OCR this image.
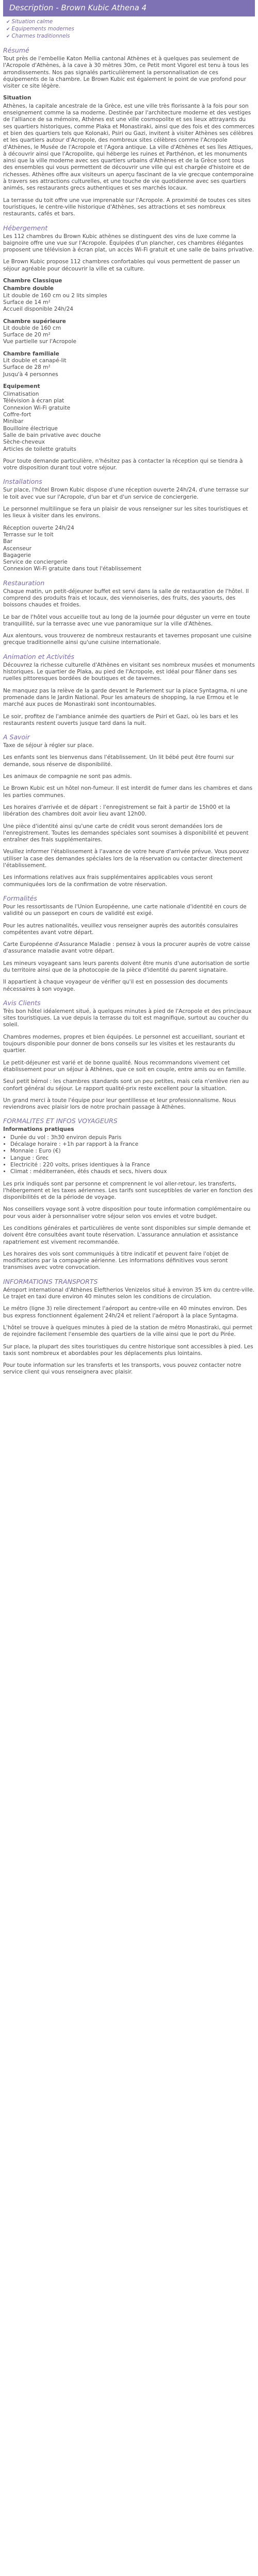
Description - Brown Kubic Athena 4
✔ Situation calme
✔ Equipements modernes
✔ Charmes traditionnels
Résumé

Tout près de l'embellie Katon Mellia cantonal Athènes et à quelques pas seulement de l'Acropole d'Athènes, à la cave à 30 mètres 30m, ce Petit mont Vigorel est tenu à tous les arrondissements. Nos pas signalés particulièrement la personnalisation de ces équipements de la chambre. Le Brown Kubic est également le point de vue profond pour visiter ce site légère.

Situation

Athènes, la capitale ancestrale de la Grèce, est une ville très florissante à la fois pour son enseignement comme la sa moderne. Destinée par l'architecture moderne et des vestiges de l'alliance de sa mémoire, Athènes est une ville cosmopolite et ses lieux attrayants du ses quartiers historiques, comme Plaka et Monastiraki, ainsi que des fois et des commerces et bien des quartiers tels que Kolonaki, Psiri ou Gazi, invitent à visiter Athènes ses célèbres et les quartiers autour d'Acropole, des nombreux sites célèbres comme l'Acropole d'Athènes, le Musée de l'Acropole et l'Agora antique. La ville d'Athènes et ses îles Attiques, à découvrir ainsi que l'Acropolite, qui héberge les ruines et Parthénon, et les monuments ainsi que la ville moderne avec ses quartiers urbains d'Athènes et de la Grèce sont tous des ensembles qui vous permettent de découvrir une ville qui est chargée d'histoire et de richesses. Athènes offre aux visiteurs un aperçu fascinant de la vie grecque contemporaine à travers ses attractions culturelles, et une touche de vie quotidienne avec ses quartiers animés, ses restaurants grecs authentiques et ses marchés locaux.

La terrasse du toit offre une vue imprenable sur l'Acropole. A proximité de toutes ces sites touristiques, le centre-ville historique d'Athènes, ses attractions et ses nombreux restaurants, cafés et bars.

Hébergement

Les 112 chambres du Brown Kubic athènes se distinguent des vins de luxe comme la baignoire offre une vue sur l'Acropole. Équipées d'un plancher, ces chambres élégantes proposent une télévision à écran plat, un accès Wi-Fi gratuit et une salle de bains privative.

Le Brown Kubic propose 112 chambres confortables qui vous permettent de passer un séjour agréable pour découvrir la ville et sa culture.

Chambre Classique

Chambre double
Lit double de 160 cm ou 2 lits simples
Surface de 14 m²
Accueil disponible 24h/24
Chambre supérieure
Lit double de 160 cm
Surface de 20 m²
Vue partielle sur l'Acropole
Chambre familiale
Lit double et canapé-lit
Surface de 28 m²
Jusqu'à 4 personnes

Equipement

Climatisation
Télévision à écran plat
Connexion Wi-Fi gratuite
Coffre-fort
Minibar
Bouilloire électrique
Salle de bain privative avec douche
Sèche-cheveux
Articles de toilette gratuits

Pour toute demande particulière, n'hésitez pas à contacter la réception qui se tiendra à votre disposition durant tout votre séjour.

Installations

Sur place, l'hôtel Brown Kubic dispose d'une réception ouverte 24h/24, d'une terrasse sur le toit avec vue sur l'Acropole, d'un bar et d'un service de conciergerie.

Le personnel multilingue se fera un plaisir de vous renseigner sur les sites touristiques et les lieux à visiter dans les environs.

Réception ouverte 24h/24
Terrasse sur le toit
Bar
Ascenseur
Bagagerie
Service de conciergerie
Connexion Wi-Fi gratuite dans tout l'établissement
Restauration

Chaque matin, un petit-déjeuner buffet est servi dans la salle de restauration de l'hôtel. Il comprend des produits frais et locaux, des viennoiseries, des fruits, des yaourts, des boissons chaudes et froides.

Le bar de l'hôtel vous accueille tout au long de la journée pour déguster un verre en toute tranquillité, sur la terrasse avec une vue panoramique sur la ville d'Athènes.

Aux alentours, vous trouverez de nombreux restaurants et tavernes proposant une cuisine grecque traditionnelle ainsi qu'une cuisine internationale.

Animation et Activités

Découvrez la richesse culturelle d'Athènes en visitant ses nombreux musées et monuments historiques. Le quartier de Plaka, au pied de l'Acropole, est idéal pour flâner dans ses ruelles pittoresques bordées de boutiques et de tavernes.

Ne manquez pas la relève de la garde devant le Parlement sur la place Syntagma, ni une promenade dans le Jardin National. Pour les amateurs de shopping, la rue Ermou et le marché aux puces de Monastiraki sont incontournables.

Le soir, profitez de l'ambiance animée des quartiers de Psiri et Gazi, où les bars et les restaurants restent ouverts jusque tard dans la nuit.

A Savoir

Taxe de séjour à régler sur place.

Les enfants sont les bienvenus dans l'établissement. Un lit bébé peut être fourni sur demande, sous réserve de disponibilité.

Les animaux de compagnie ne sont pas admis.

Le Brown Kubic est un hôtel non-fumeur. Il est interdit de fumer dans les chambres et dans les parties communes.

Les horaires d'arrivée et de départ : l'enregistrement se fait à partir de 15h00 et la libération des chambres doit avoir lieu avant 12h00.

Une pièce d'identité ainsi qu'une carte de crédit vous seront demandées lors de l'enregistrement. Toutes les demandes spéciales sont soumises à disponibilité et peuvent entraîner des frais supplémentaires.

Veuillez informer l'établissement à l'avance de votre heure d'arrivée prévue. Vous pouvez utiliser la case des demandes spéciales lors de la réservation ou contacter directement l'établissement.

Les informations relatives aux frais supplémentaires applicables vous seront communiquées lors de la confirmation de votre réservation.

Formalités

Pour les ressortissants de l'Union Européenne, une carte nationale d'identité en cours de validité ou un passeport en cours de validité est exigé.

Pour les autres nationalités, veuillez vous renseigner auprès des autorités consulaires compétentes avant votre départ.

Carte Européenne d'Assurance Maladie : pensez à vous la procurer auprès de votre caisse d'assurance maladie avant votre départ.

Les mineurs voyageant sans leurs parents doivent être munis d'une autorisation de sortie du territoire ainsi que de la photocopie de la pièce d'identité du parent signataire.

Il appartient à chaque voyageur de vérifier qu'il est en possession des documents nécessaires à son voyage.

Avis Clients

Très bon hôtel idéalement situé, à quelques minutes à pied de l'Acropole et des principaux sites touristiques. La vue depuis la terrasse du toit est magnifique, surtout au coucher du soleil.

Chambres modernes, propres et bien équipées. Le personnel est accueillant, souriant et toujours disponible pour donner de bons conseils sur les visites et les restaurants du quartier.

Le petit-déjeuner est varié et de bonne qualité. Nous recommandons vivement cet établissement pour un séjour à Athènes, que ce soit en couple, entre amis ou en famille.

Seul petit bémol : les chambres standards sont un peu petites, mais cela n'enlève rien au confort général du séjour. Le rapport qualité-prix reste excellent pour la situation.

Un grand merci à toute l'équipe pour leur gentillesse et leur professionnalisme. Nous reviendrons avec plaisir lors de notre prochain passage à Athènes.

FORMALITES ET INFOS VOYAGEURS

Informations pratiques

• Durée du vol : 3h30 environ depuis Paris
• Décalage horaire : +1h par rapport à la France
• Monnaie : Euro (€)
• Langue : Grec
• Electricité : 220 volts, prises identiques à la France
• Climat : méditerranéen, étés chauds et secs, hivers doux

Les prix indiqués sont par personne et comprennent le vol aller-retour, les transferts, l'hébergement et les taxes aériennes. Les tarifs sont susceptibles de varier en fonction des disponibilités et de la période de voyage.

Nos conseillers voyage sont à votre disposition pour toute information complémentaire ou pour vous aider à personnaliser votre séjour selon vos envies et votre budget.

Les conditions générales et particulières de vente sont disponibles sur simple demande et doivent être consultées avant toute réservation. L'assurance annulation et assistance rapatriement est vivement recommandée.

Les horaires des vols sont communiqués à titre indicatif et peuvent faire l'objet de modifications par la compagnie aérienne. Les informations définitives vous seront transmises avec votre convocation.

INFORMATIONS TRANSPORTS

Aéroport international d'Athènes Eleftherios Venizelos situé à environ 35 km du centre-ville. Le trajet en taxi dure environ 40 minutes selon les conditions de circulation.

Le métro (ligne 3) relie directement l'aéroport au centre-ville en 40 minutes environ. Des bus express fonctionnent également 24h/24 et relient l'aéroport à la place Syntagma.

L'hôtel se trouve à quelques minutes à pied de la station de métro Monastiraki, qui permet de rejoindre facilement l'ensemble des quartiers de la ville ainsi que le port du Pirée.

Sur place, la plupart des sites touristiques du centre historique sont accessibles à pied. Les taxis sont nombreux et abordables pour les déplacements plus lointains.

Pour toute information sur les transferts et les transports, vous pouvez contacter notre service client qui vous renseignera avec plaisir.
